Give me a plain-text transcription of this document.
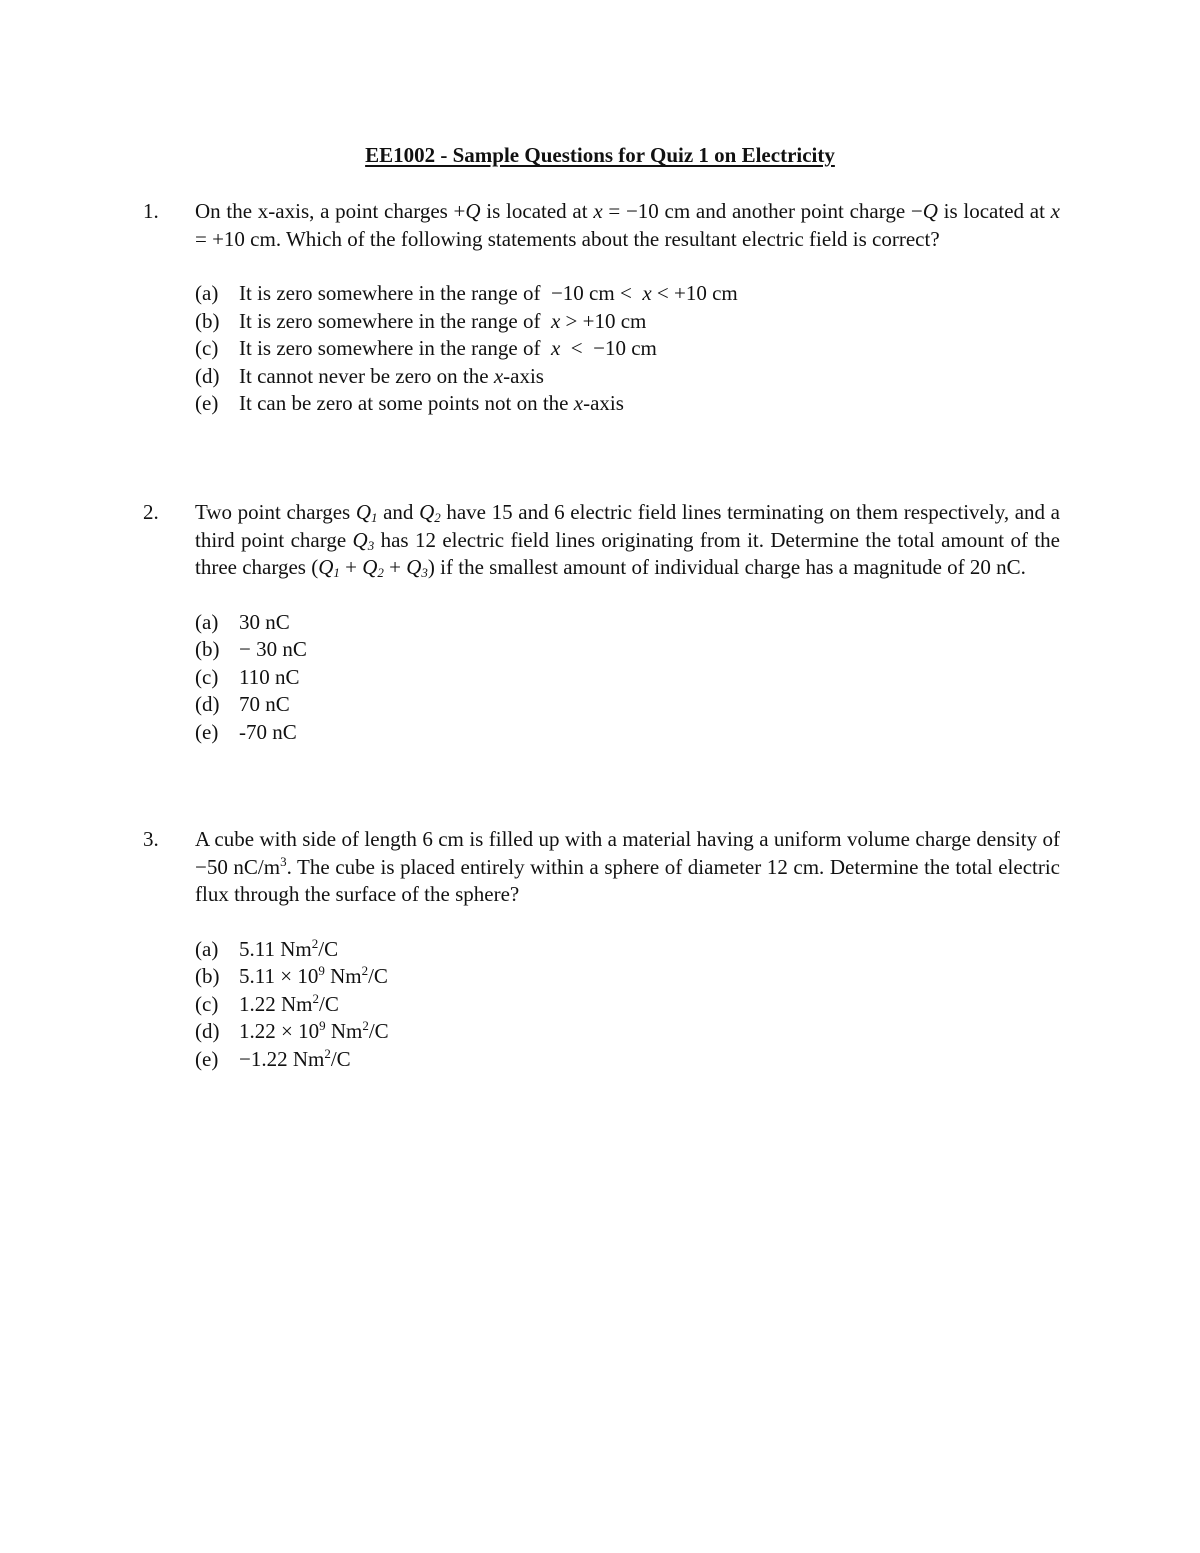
EE1002 - Sample Questions for Quiz 1 on Electricity
1. On the x-axis, a point charges +Q is located at x = −10 cm and another point charge −Q is located at x = +10 cm. Which of the following statements about the resultant electric field is correct?
(a) It is zero somewhere in the range of  −10 cm <  x < +10 cm
(b) It is zero somewhere in the range of  x > +10 cm
(c) It is zero somewhere in the range of  x  <  −10 cm
(d) It cannot never be zero on the x-axis
(e) It can be zero at some points not on the x-axis
2. Two point charges $Q_1$ and $Q_2$ have 15 and 6 electric field lines terminating on them respectively, and a third point charge $Q_3$ has 12 electric field lines originating from it. Determine the total amount of the three charges $(Q_1 + Q_2 + Q_3)$ if the smallest amount of individual charge has a magnitude of 20 nC.
(a) 30 nC
(b) − 30 nC
(c) 110 nC
(d) 70 nC
(e) -70 nC
3. A cube with side of length 6 cm is filled up with a material having a uniform volume charge density of −50 $nC/m^3$. The cube is placed entirely within a sphere of diameter 12 cm. Determine the total electric flux through the surface of the sphere?
(a) 5.11 Nm$^2$/C
(b) $5.11 \times 10^9$ Nm$^2$/C
(c) 1.22 Nm$^2$/C
(d) $1.22 \times 10^9$ Nm$^2$/C
(e) −1.22 Nm$^2$/C
